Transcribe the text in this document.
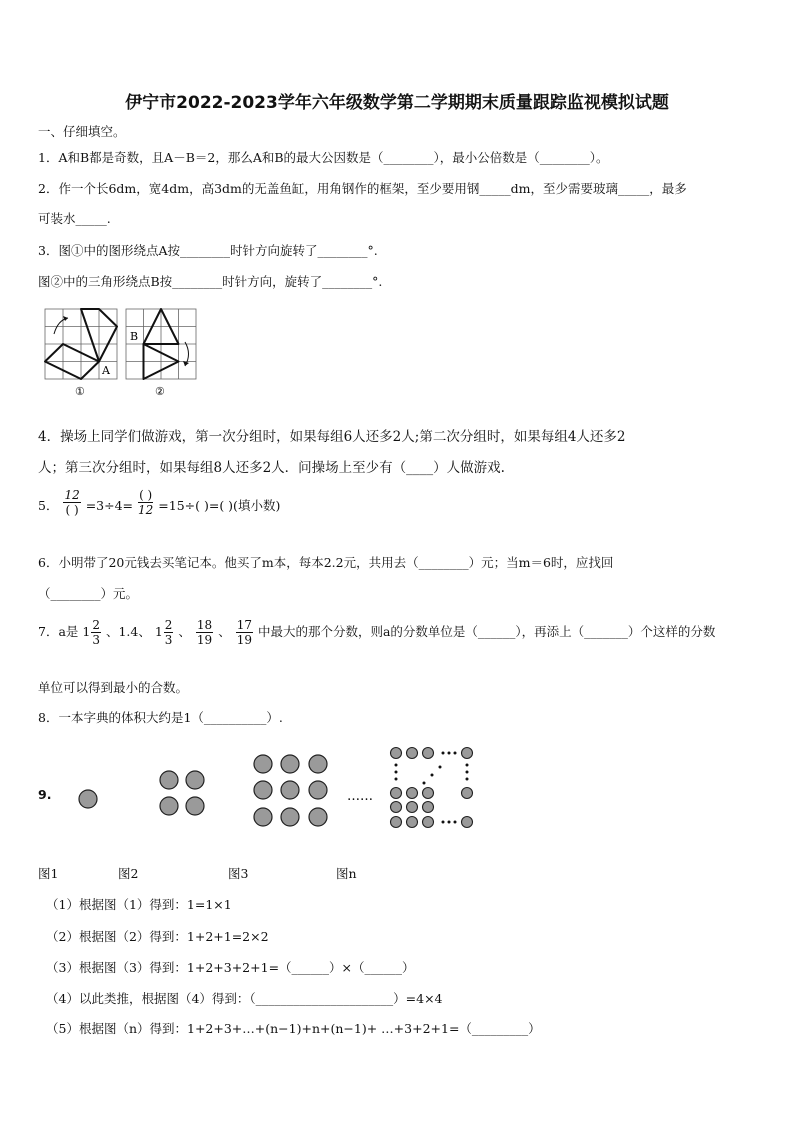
伊宁市2022-2023学年六年级数学第二学期期末质量跟踪监视模拟试题
一、仔细填空。
1．A和B都是奇数，且A－B＝2，那么A和B的最大公因数是（________），最小公倍数是（________）。
2．作一个长6dm，宽4dm，高3dm的无盖鱼缸，用角钢作的框架，至少要用钢_____dm，至少需要玻璃_____，最多
可装水_____.
3．图①中的图形绕点A按________时针方向旋转了________°.
图②中的三角形绕点B按________时针方向，旋转了________°.
A
①
B
②
4．操场上同学们做游戏，第一次分组时，如果每组6人还多2人;第二次分组时，如果每组4人还多2
人；第三次分组时，如果每组8人还多2人．问操场上至少有（____）人做游戏.
5． $\frac{12}{( )} =3\div 4= \frac{( )}{12} =15\div$( )=( )(填小数)
6．小明带了20元钱去买笔记本。他买了m本，每本2.2元，共用去（________）元；当m＝6时，应找回
（________）元。
7．a是 $1 \frac{2}{3}$ 、1.4、 $1 \frac{2}{3}$ 、 $\frac{18}{19}$ 、 $\frac{17}{19}$ 中最大的那个分数，则a的分数单位是（______），再添上（_______）个这样的分数
单位可以得到最小的合数。
8．一本字典的体积大约是1（__________）.
9.	……
图1	图2	图3	图n
（1）根据图（1）得到：1=1×1
（2）根据图（2）得到：1+2+1=2×2
（3）根据图（3）得到：1+2+3+2+1=（______）×（______）
（4）以此类推，根据图（4）得到：（______________________）=4×4
（5）根据图（n）得到：1+2+3+…+(n−1)+n+(n−1)+ …+3+2+1=（_________）
